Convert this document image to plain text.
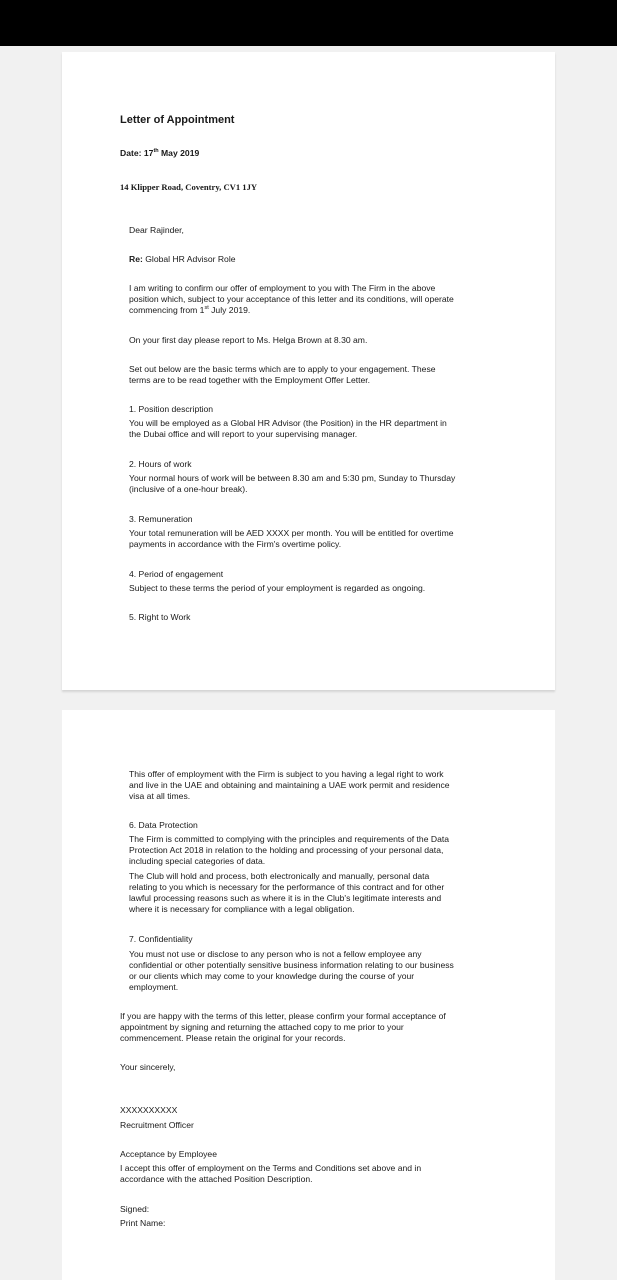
Letter of Appointment
Date: 17th May 2019
14 Klipper Road, Coventry, CV1 1JY
Dear Rajinder,
Re: Global HR Advisor Role
I am writing to confirm our offer of employment to you with The Firm in the above
position which, subject to your acceptance of this letter and its conditions, will operate
commencing from 1st July 2019.
On your first day please report to Ms. Helga Brown at 8.30 am.
Set out below are the basic terms which are to apply to your engagement. These
terms are to be read together with the Employment Offer Letter.
1. Position description
You will be employed as a Global HR Advisor (the Position) in the HR department in
the Dubai office and will report to your supervising manager.
2. Hours of work
Your normal hours of work will be between 8.30 am and 5:30 pm, Sunday to Thursday
(inclusive of a one-hour break).
3. Remuneration
Your total remuneration will be AED XXXX per month. You will be entitled for overtime
payments in accordance with the Firm's overtime policy.
4. Period of engagement
Subject to these terms the period of your employment is regarded as ongoing.
5. Right to Work
This offer of employment with the Firm is subject to you having a legal right to work
and live in the UAE and obtaining and maintaining a UAE work permit and residence
visa at all times.
6. Data Protection
The Firm is committed to complying with the principles and requirements of the Data
Protection Act 2018 in relation to the holding and processing of your personal data,
including special categories of data.
The Club will hold and process, both electronically and manually, personal data
relating to you which is necessary for the performance of this contract and for other
lawful processing reasons such as where it is in the Club's legitimate interests and
where it is necessary for compliance with a legal obligation.
7. Confidentiality
You must not use or disclose to any person who is not a fellow employee any
confidential or other potentially sensitive business information relating to our business
or our clients which may come to your knowledge during the course of your
employment.
If you are happy with the terms of this letter, please confirm your formal acceptance of
appointment by signing and returning the attached copy to me prior to your
commencement. Please retain the original for your records.
Your sincerely,
XXXXXXXXXX
Recruitment Officer
Acceptance by Employee
I accept this offer of employment on the Terms and Conditions set above and in
accordance with the attached Position Description.
Signed:
Print Name:
